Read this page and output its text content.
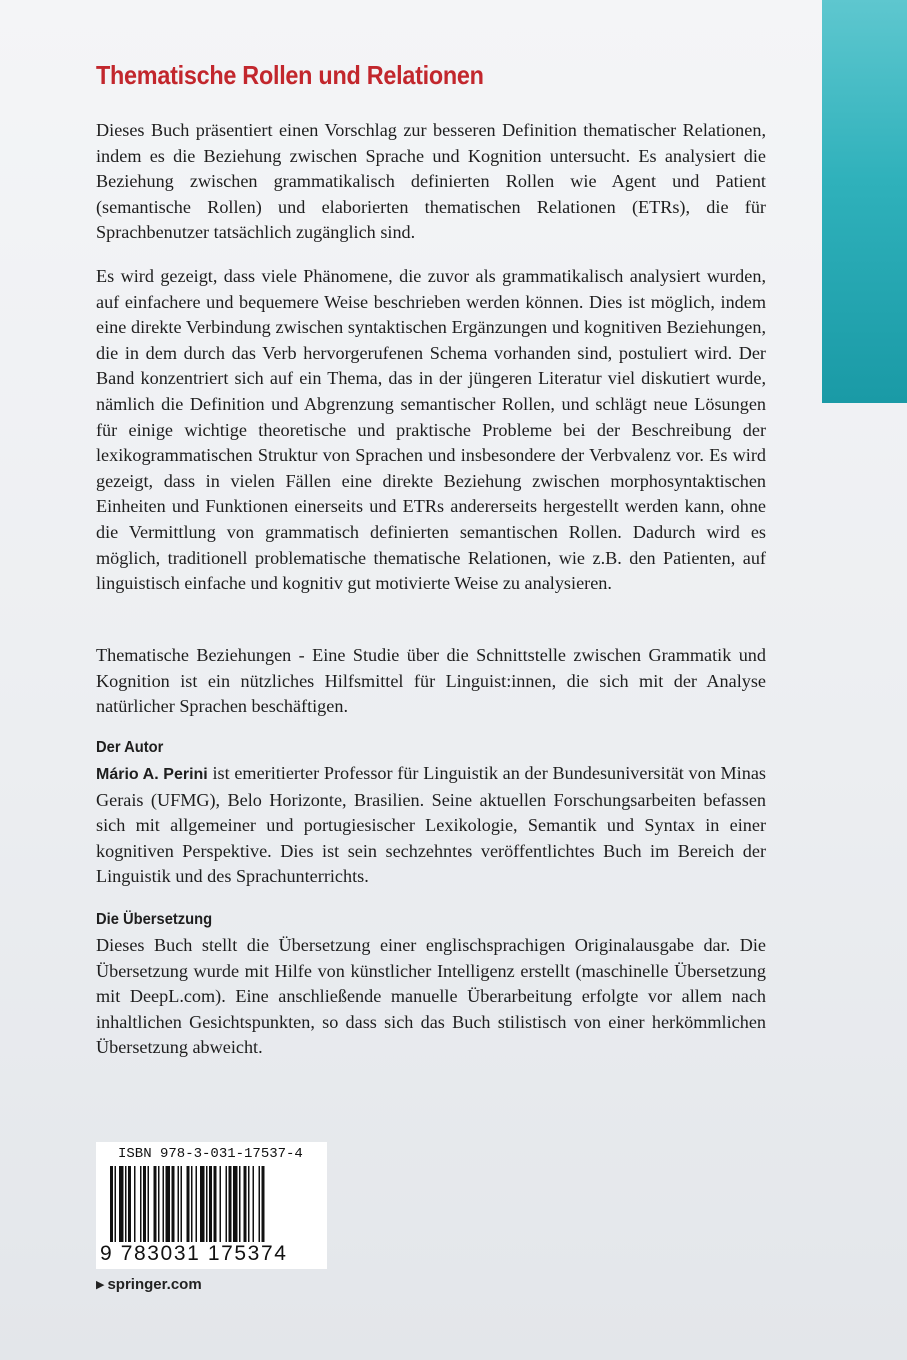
Thematische Rollen und Relationen

Dieses Buch präsentiert einen Vorschlag zur besseren Definition thematischer Relationen, indem es die Beziehung zwischen Sprache und Kognition untersucht. Es analysiert die Beziehung zwischen grammatikalisch definierten Rollen wie Agent und Patient (semantische Rollen) und elaborierten thematischen Relationen (ETRs), die für Sprachbenutzer tatsächlich zugänglich sind.

Es wird gezeigt, dass viele Phänomene, die zuvor als grammatikalisch analysiert wurden, auf einfachere und bequemere Weise beschrieben werden können. Dies ist möglich, indem eine direkte Verbindung zwischen syntaktischen Ergänzungen und kognitiven Beziehungen, die in dem durch das Verb hervorgerufenen Schema vorhanden sind, postuliert wird. Der Band konzentriert sich auf ein Thema, das in der jüngeren Literatur viel diskutiert wurde, nämlich die Definition und Abgrenzung semantischer Rollen, und schlägt neue Lösungen für einige wichtige theoretische und praktische Probleme bei der Beschreibung der lexikogrammatischen Struktur von Sprachen und insbesondere der Verbvalenz vor. Es wird gezeigt, dass in vielen Fällen eine direkte Beziehung zwischen morphosyntaktischen Einheiten und Funktionen einerseits und ETRs andererseits hergestellt werden kann, ohne die Vermittlung von grammatisch definierten semantischen Rollen. Dadurch wird es möglich, traditionell problematische thematische Relationen, wie z.B. den Patienten, auf linguistisch einfache und kognitiv gut motivierte Weise zu analysieren.

Thematische Beziehungen - Eine Studie über die Schnittstelle zwischen Grammatik und Kognition ist ein nützliches Hilfsmittel für Linguist:innen, die sich mit der Analyse natürlicher Sprachen beschäftigen.

Der Autor

Mário A. Perini ist emeritierter Professor für Linguistik an der Bundesuniversität von Minas Gerais (UFMG), Belo Horizonte, Brasilien. Seine aktuellen Forschungsarbeiten befassen sich mit allgemeiner und portugiesischer Lexikologie, Semantik und Syntax in einer kognitiven Perspektive. Dies ist sein sechzehntes veröffentlichtes Buch im Bereich der Linguistik und des Sprachunterrichts.

Die Übersetzung

Dieses Buch stellt die Übersetzung einer englischsprachigen Originalausgabe dar. Die Übersetzung wurde mit Hilfe von künstlicher Intelligenz erstellt (maschinelle Übersetzung mit DeepL.com). Eine anschließende manuelle Überarbeitung erfolgte vor allem nach inhaltlichen Gesichtspunkten, so dass sich das Buch stilistisch von einer herkömmlichen Übersetzung abweicht.

ISBN 978-3-031-17537-4

9 783031 175374

▶ springer.com
